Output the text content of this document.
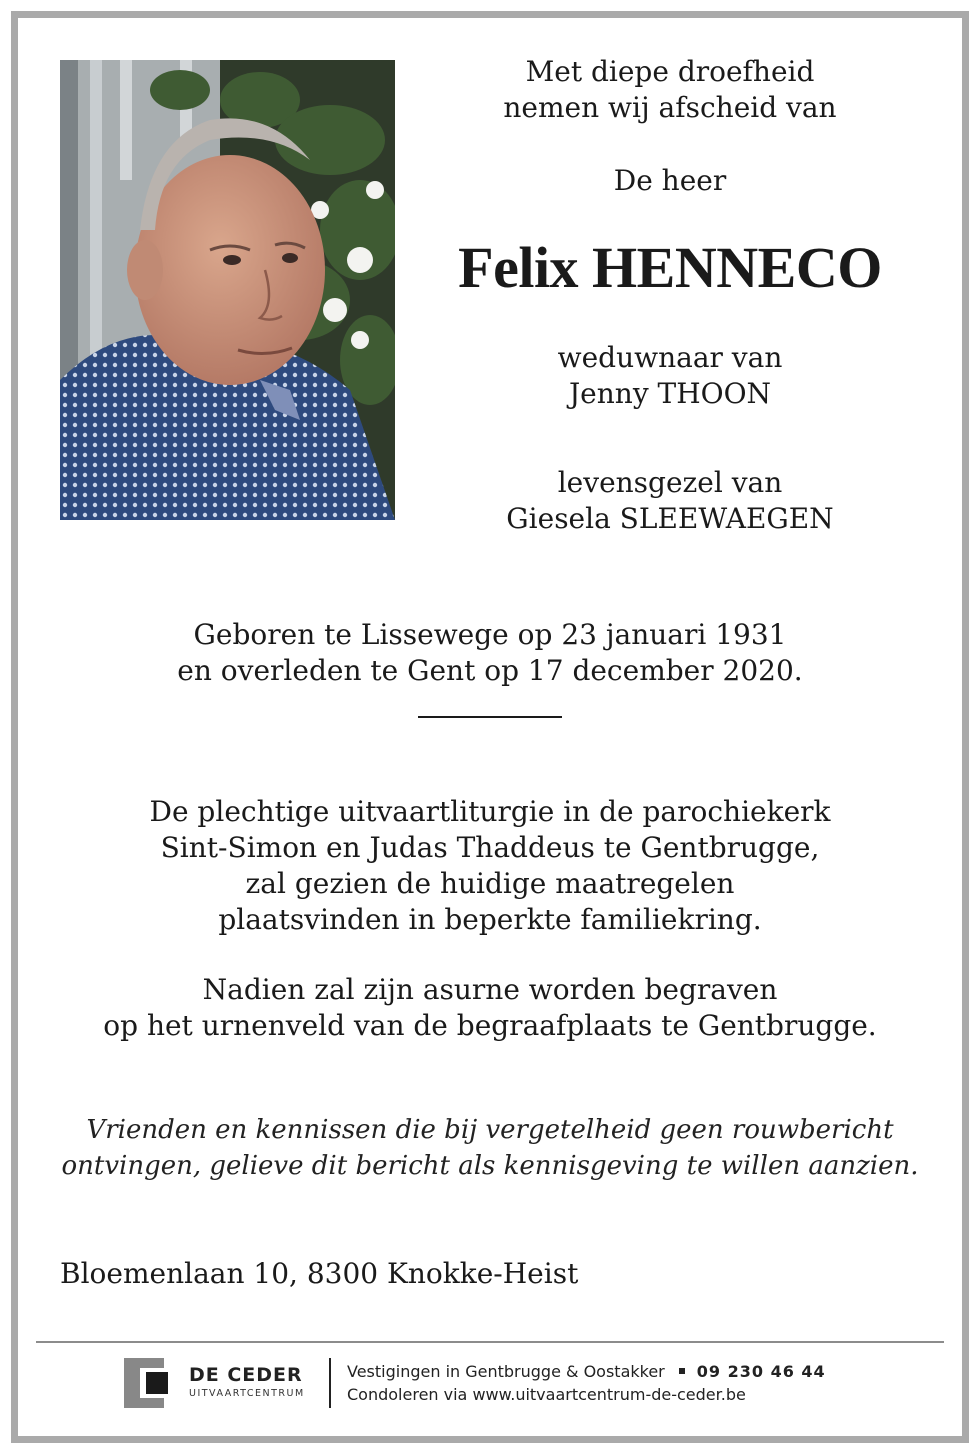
Met diepe droefheid

nemen wij afscheid van

De heer

Felix HENNECO

weduwnaar van

Jenny THOON

levensgezel van

Giesela SLEEWAEGEN

Geboren te Lissewege op 23 januari 1931

en overleden te Gent op 17 december 2020.

De plechtige uitvaartliturgie in de parochiekerk

Sint-Simon en Judas Thaddeus te Gentbrugge,

zal gezien de huidige maatregelen

plaatsvinden in beperkte familiekring.

Nadien zal zijn asurne worden begraven

op het urnenveld van de begraafplaats te Gentbrugge.

Vrienden en kennissen die bij vergetelheid geen rouwbericht

ontvingen, gelieve dit bericht als kennisgeving te willen aanzien.

Bloemenlaan 10, 8300 Knokke-Heist
DE CEDER
UITVAARTCENTRUM
Vestigingen in Gentbrugge & Oostakker 09 230 46 44
Condoleren via www.uitvaartcentrum-de-ceder.be
